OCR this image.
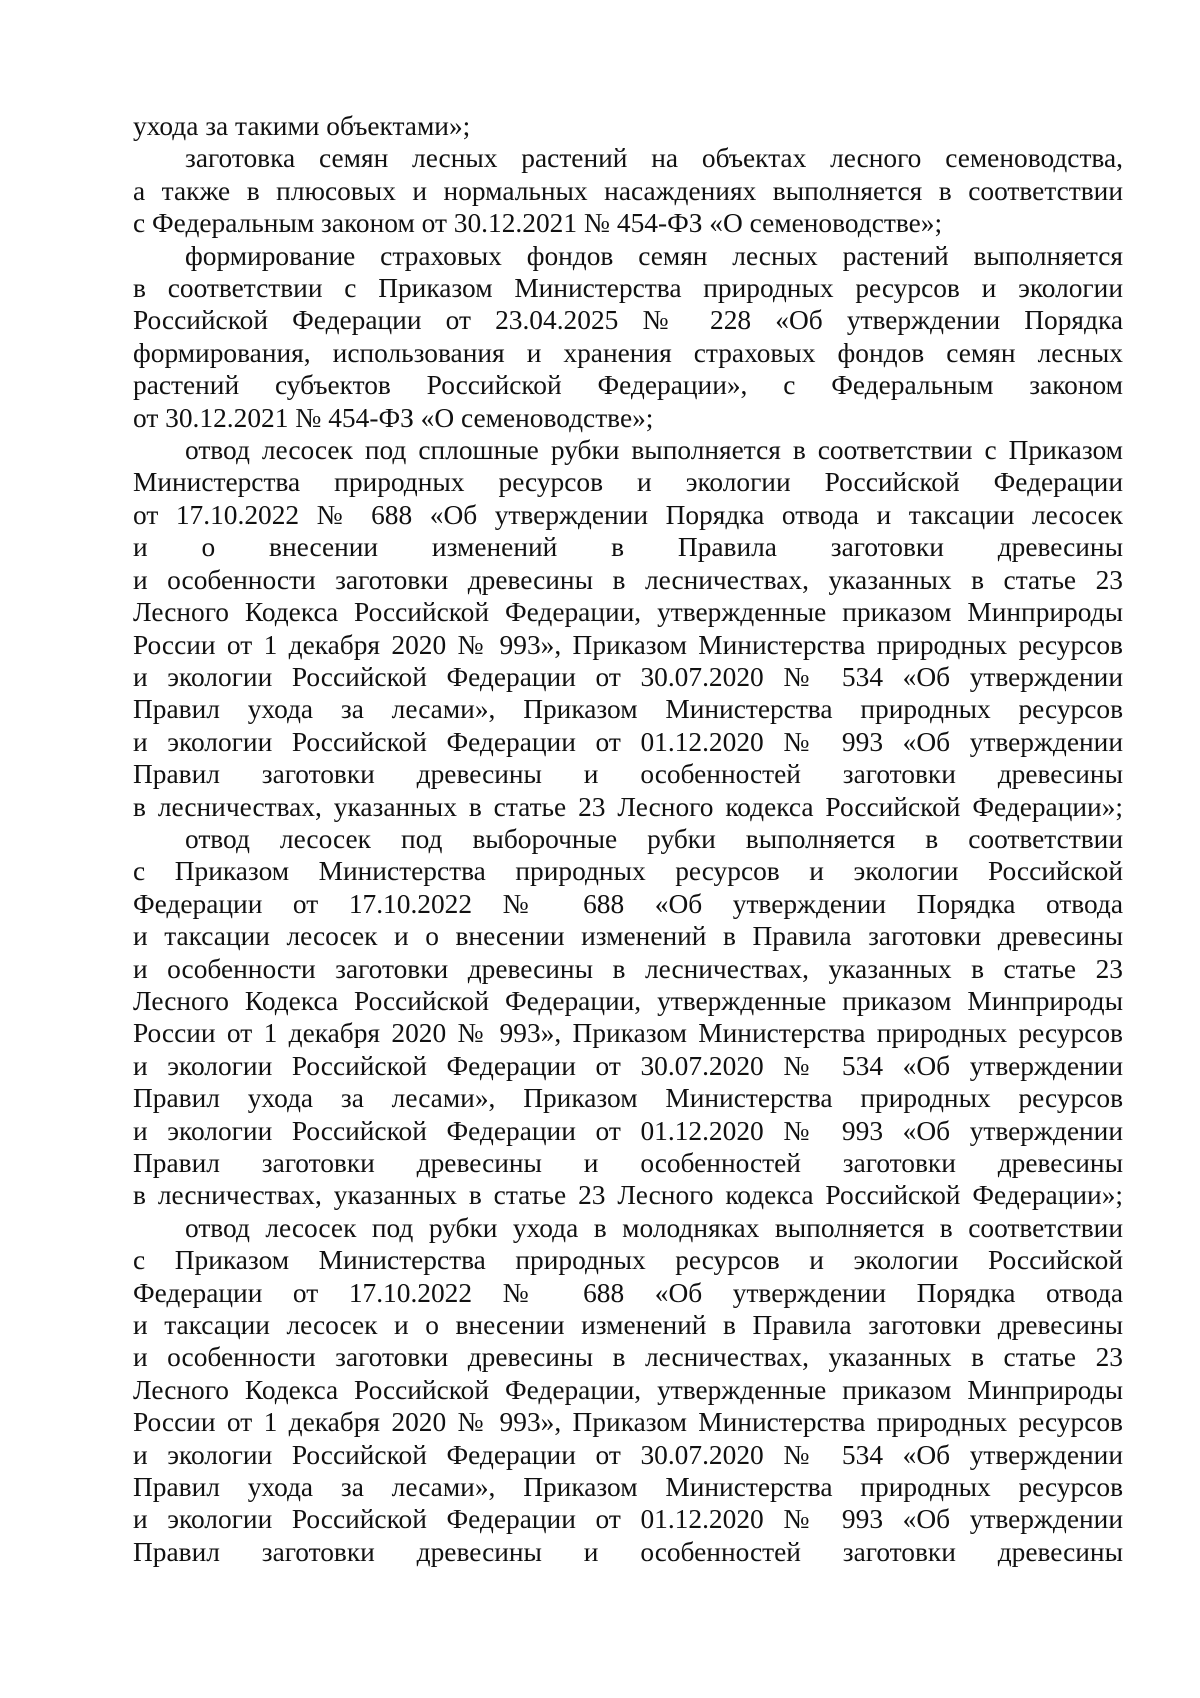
ухода за такими объектами»;
заготовка семян лесных растений на объектах лесного семеноводства,
а также в плюсовых и нормальных насаждениях выполняется в соответствии
с Федеральным законом от 30.12.2021 № 454-ФЗ «О семеноводстве»;
формирование страховых фондов семян лесных растений выполняется
в соответствии с Приказом Министерства природных ресурсов и экологии
Российской Федерации от 23.04.2025 № 228 «Об утверждении Порядка
формирования, использования и хранения страховых фондов семян лесных
растений субъектов Российской Федерации», с Федеральным законом
от 30.12.2021 № 454-ФЗ «О семеноводстве»;
отвод лесосек под сплошные рубки выполняется в соответствии с Приказом
Министерства природных ресурсов и экологии Российской Федерации
от 17.10.2022 № 688 «Об утверждении Порядка отвода и таксации лесосек
и о внесении изменений в Правила заготовки древесины
и особенности заготовки древесины в лесничествах, указанных в статье 23
Лесного Кодекса Российской Федерации, утвержденные приказом Минприроды
России от 1 декабря 2020 № 993», Приказом Министерства природных ресурсов
и экологии Российской Федерации от 30.07.2020 № 534 «Об утверждении
Правил ухода за лесами», Приказом Министерства природных ресурсов
и экологии Российской Федерации от 01.12.2020 № 993 «Об утверждении
Правил заготовки древесины и особенностей заготовки древесины
в лесничествах, указанных в статье 23 Лесного кодекса Российской Федерации»;
отвод лесосек под выборочные рубки выполняется в соответствии
с Приказом Министерства природных ресурсов и экологии Российской
Федерации от 17.10.2022 № 688 «Об утверждении Порядка отвода
и таксации лесосек и о внесении изменений в Правила заготовки древесины
и особенности заготовки древесины в лесничествах, указанных в статье 23
Лесного Кодекса Российской Федерации, утвержденные приказом Минприроды
России от 1 декабря 2020 № 993», Приказом Министерства природных ресурсов
и экологии Российской Федерации от 30.07.2020 № 534 «Об утверждении
Правил ухода за лесами», Приказом Министерства природных ресурсов
и экологии Российской Федерации от 01.12.2020 № 993 «Об утверждении
Правил заготовки древесины и особенностей заготовки древесины
в лесничествах, указанных в статье 23 Лесного кодекса Российской Федерации»;
отвод лесосек под рубки ухода в молодняках выполняется в соответствии
с Приказом Министерства природных ресурсов и экологии Российской
Федерации от 17.10.2022 № 688 «Об утверждении Порядка отвода
и таксации лесосек и о внесении изменений в Правила заготовки древесины
и особенности заготовки древесины в лесничествах, указанных в статье 23
Лесного Кодекса Российской Федерации, утвержденные приказом Минприроды
России от 1 декабря 2020 № 993», Приказом Министерства природных ресурсов
и экологии Российской Федерации от 30.07.2020 № 534 «Об утверждении
Правил ухода за лесами», Приказом Министерства природных ресурсов
и экологии Российской Федерации от 01.12.2020 № 993 «Об утверждении
Правил заготовки древесины и особенностей заготовки древесины
